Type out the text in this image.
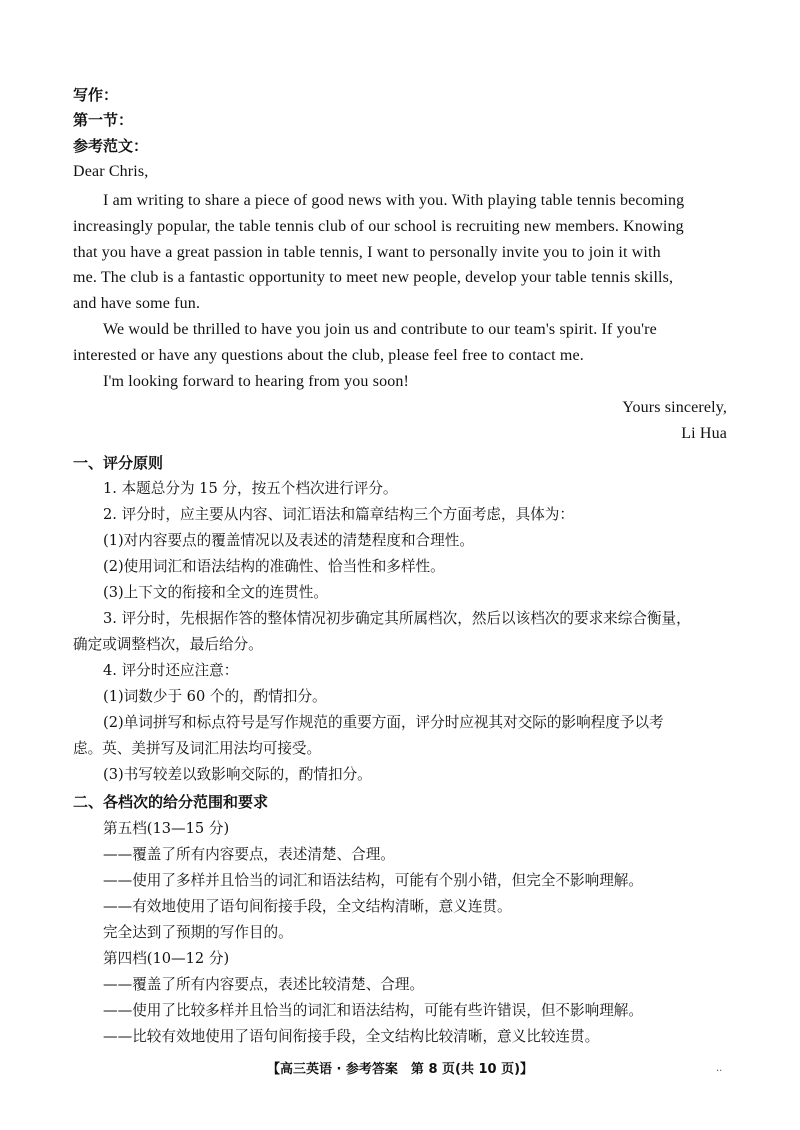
写作：
第一节：
参考范文：
Dear Chris,
I am writing to share a piece of good news with you. With playing table tennis becoming
increasingly popular, the table tennis club of our school is recruiting new members. Knowing
that you have a great passion in table tennis, I want to personally invite you to join it with
me. The club is a fantastic opportunity to meet new people, develop your table tennis skills,
and have some fun.
We would be thrilled to have you join us and contribute to our team's spirit. If you're
interested or have any questions about the club, please feel free to contact me.
I'm looking forward to hearing from you soon!
Yours sincerely,
Li Hua
一、评分原则
1. 本题总分为 15 分，按五个档次进行评分。
2. 评分时，应主要从内容、词汇语法和篇章结构三个方面考虑，具体为：
(1)对内容要点的覆盖情况以及表述的清楚程度和合理性。
(2)使用词汇和语法结构的准确性、恰当性和多样性。
(3)上下文的衔接和全文的连贯性。
3. 评分时，先根据作答的整体情况初步确定其所属档次，然后以该档次的要求来综合衡量，
确定或调整档次，最后给分。
4. 评分时还应注意：
(1)词数少于 60 个的，酌情扣分。
(2)单词拼写和标点符号是写作规范的重要方面，评分时应视其对交际的影响程度予以考
虑。英、美拼写及词汇用法均可接受。
(3)书写较差以致影响交际的，酌情扣分。
二、各档次的给分范围和要求
第五档(13—15 分)
——覆盖了所有内容要点，表述清楚、合理。
——使用了多样并且恰当的词汇和语法结构，可能有个别小错，但完全不影响理解。
——有效地使用了语句间衔接手段，全文结构清晰，意义连贯。
完全达到了预期的写作目的。
第四档(10—12 分)
——覆盖了所有内容要点，表述比较清楚、合理。
——使用了比较多样并且恰当的词汇和语法结构，可能有些许错误，但不影响理解。
——比较有效地使用了语句间衔接手段，全文结构比较清晰，意义比较连贯。
【高三英语 · 参考答案　第 8 页(共 10 页)】	··
